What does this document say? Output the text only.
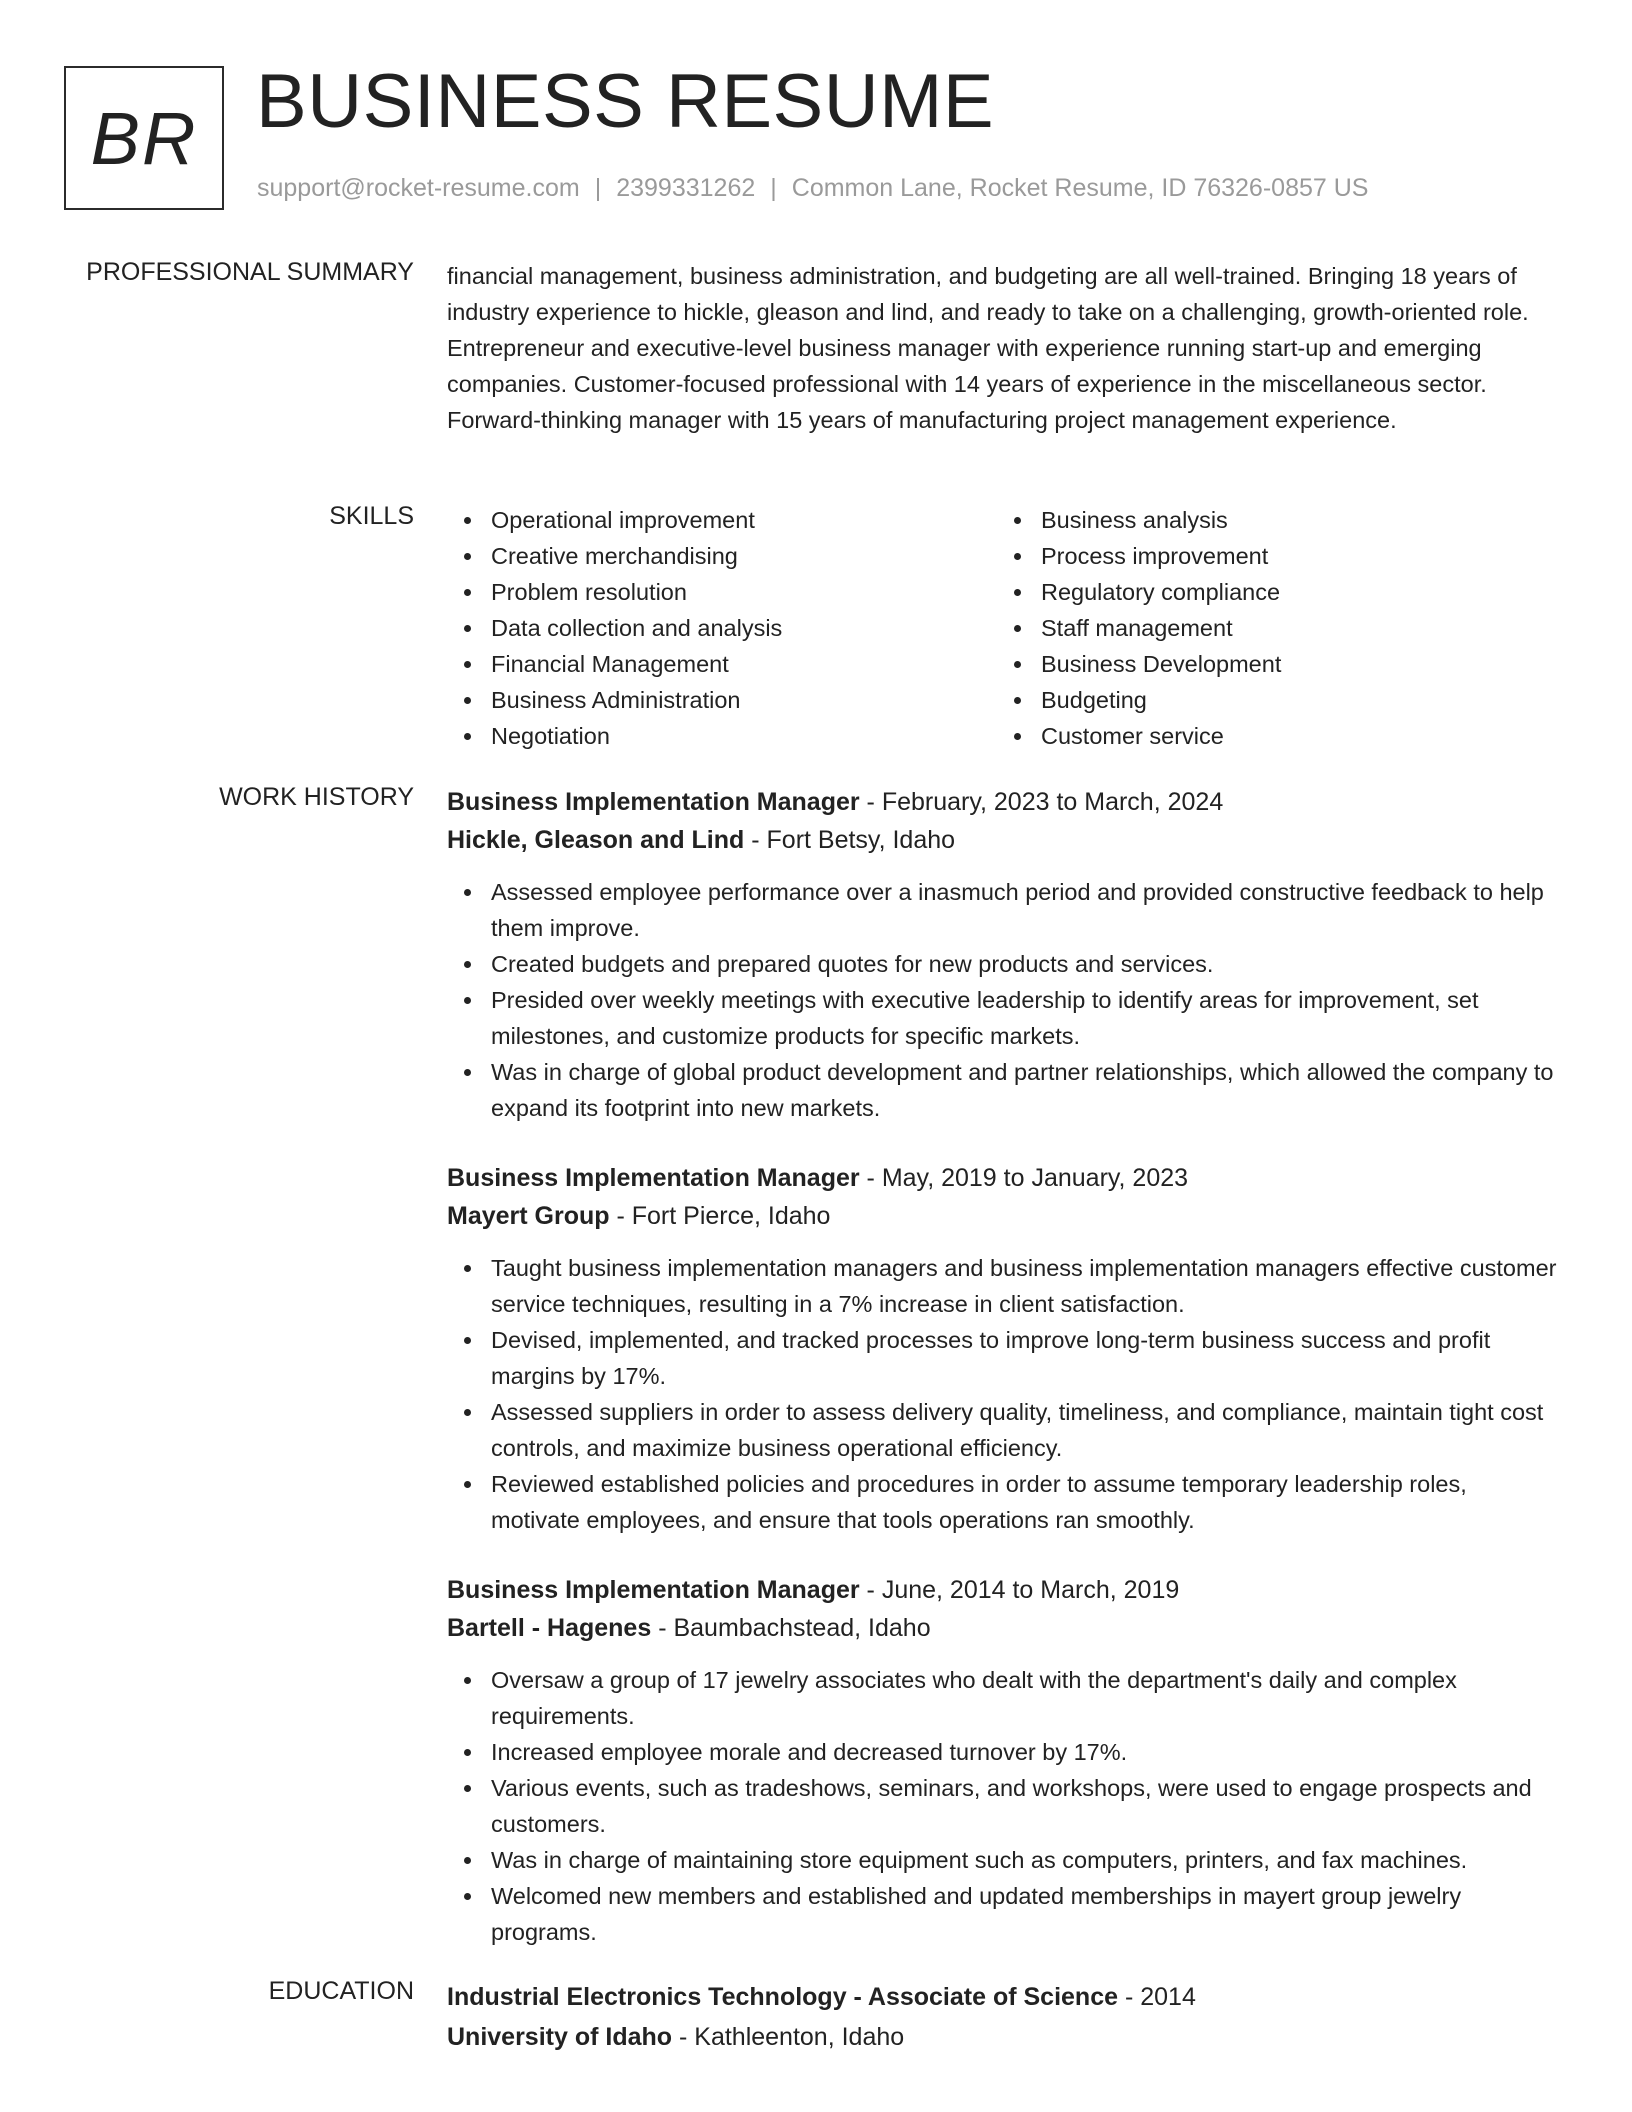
BR BUSINESS RESUME
support@rocket-resume.com | 2399331262 | Common Lane, Rocket Resume, ID 76326-0857 US
PROFESSIONAL SUMMARY financial management, business administration, and budgeting are all well-trained. Bringing 18 years of industry experience to hickle, gleason and lind, and ready to take on a challenging, growth-oriented role. Entrepreneur and executive-level business manager with experience running start-up and emerging companies. Customer-focused professional with 14 years of experience in the miscellaneous sector. Forward-thinking manager with 15 years of manufacturing project management experience.

SKILLS	Operational improvement
Creative merchandising
Problem resolution
Data collection and analysis
Financial Management
Business Administration
Negotiation
Business analysis
Process improvement
Regulatory compliance
Staff management
Business Development
Budgeting
Customer service
WORK HISTORY Business Implementation Manager - February, 2023 to March, 2024
Hickle, Gleason and Lind - Fort Betsy, Idaho
Assessed employee performance over a inasmuch period and provided constructive feedback to help them improve.
Created budgets and prepared quotes for new products and services.
Presided over weekly meetings with executive leadership to identify areas for improvement, set milestones, and customize products for specific markets.
Was in charge of global product development and partner relationships, which allowed the company to expand its footprint into new markets.
Business Implementation Manager - May, 2019 to January, 2023
Mayert Group - Fort Pierce, Idaho
Taught business implementation managers and business implementation managers effective customer service techniques, resulting in a 7% increase in client satisfaction.
Devised, implemented, and tracked processes to improve long-term business success and profit margins by 17%.
Assessed suppliers in order to assess delivery quality, timeliness, and compliance, maintain tight cost controls, and maximize business operational efficiency.
Reviewed established policies and procedures in order to assume temporary leadership roles, motivate employees, and ensure that tools operations ran smoothly.
Business Implementation Manager - June, 2014 to March, 2019
Bartell - Hagenes - Baumbachstead, Idaho
Oversaw a group of 17 jewelry associates who dealt with the department's daily and complex requirements.
Increased employee morale and decreased turnover by 17%.
Various events, such as tradeshows, seminars, and workshops, were used to engage prospects and customers.
Was in charge of maintaining store equipment such as computers, printers, and fax machines.
Welcomed new members and established and updated memberships in mayert group jewelry programs.
EDUCATION Industrial Electronics Technology - Associate of Science - 2014
University of Idaho - Kathleenton, Idaho
